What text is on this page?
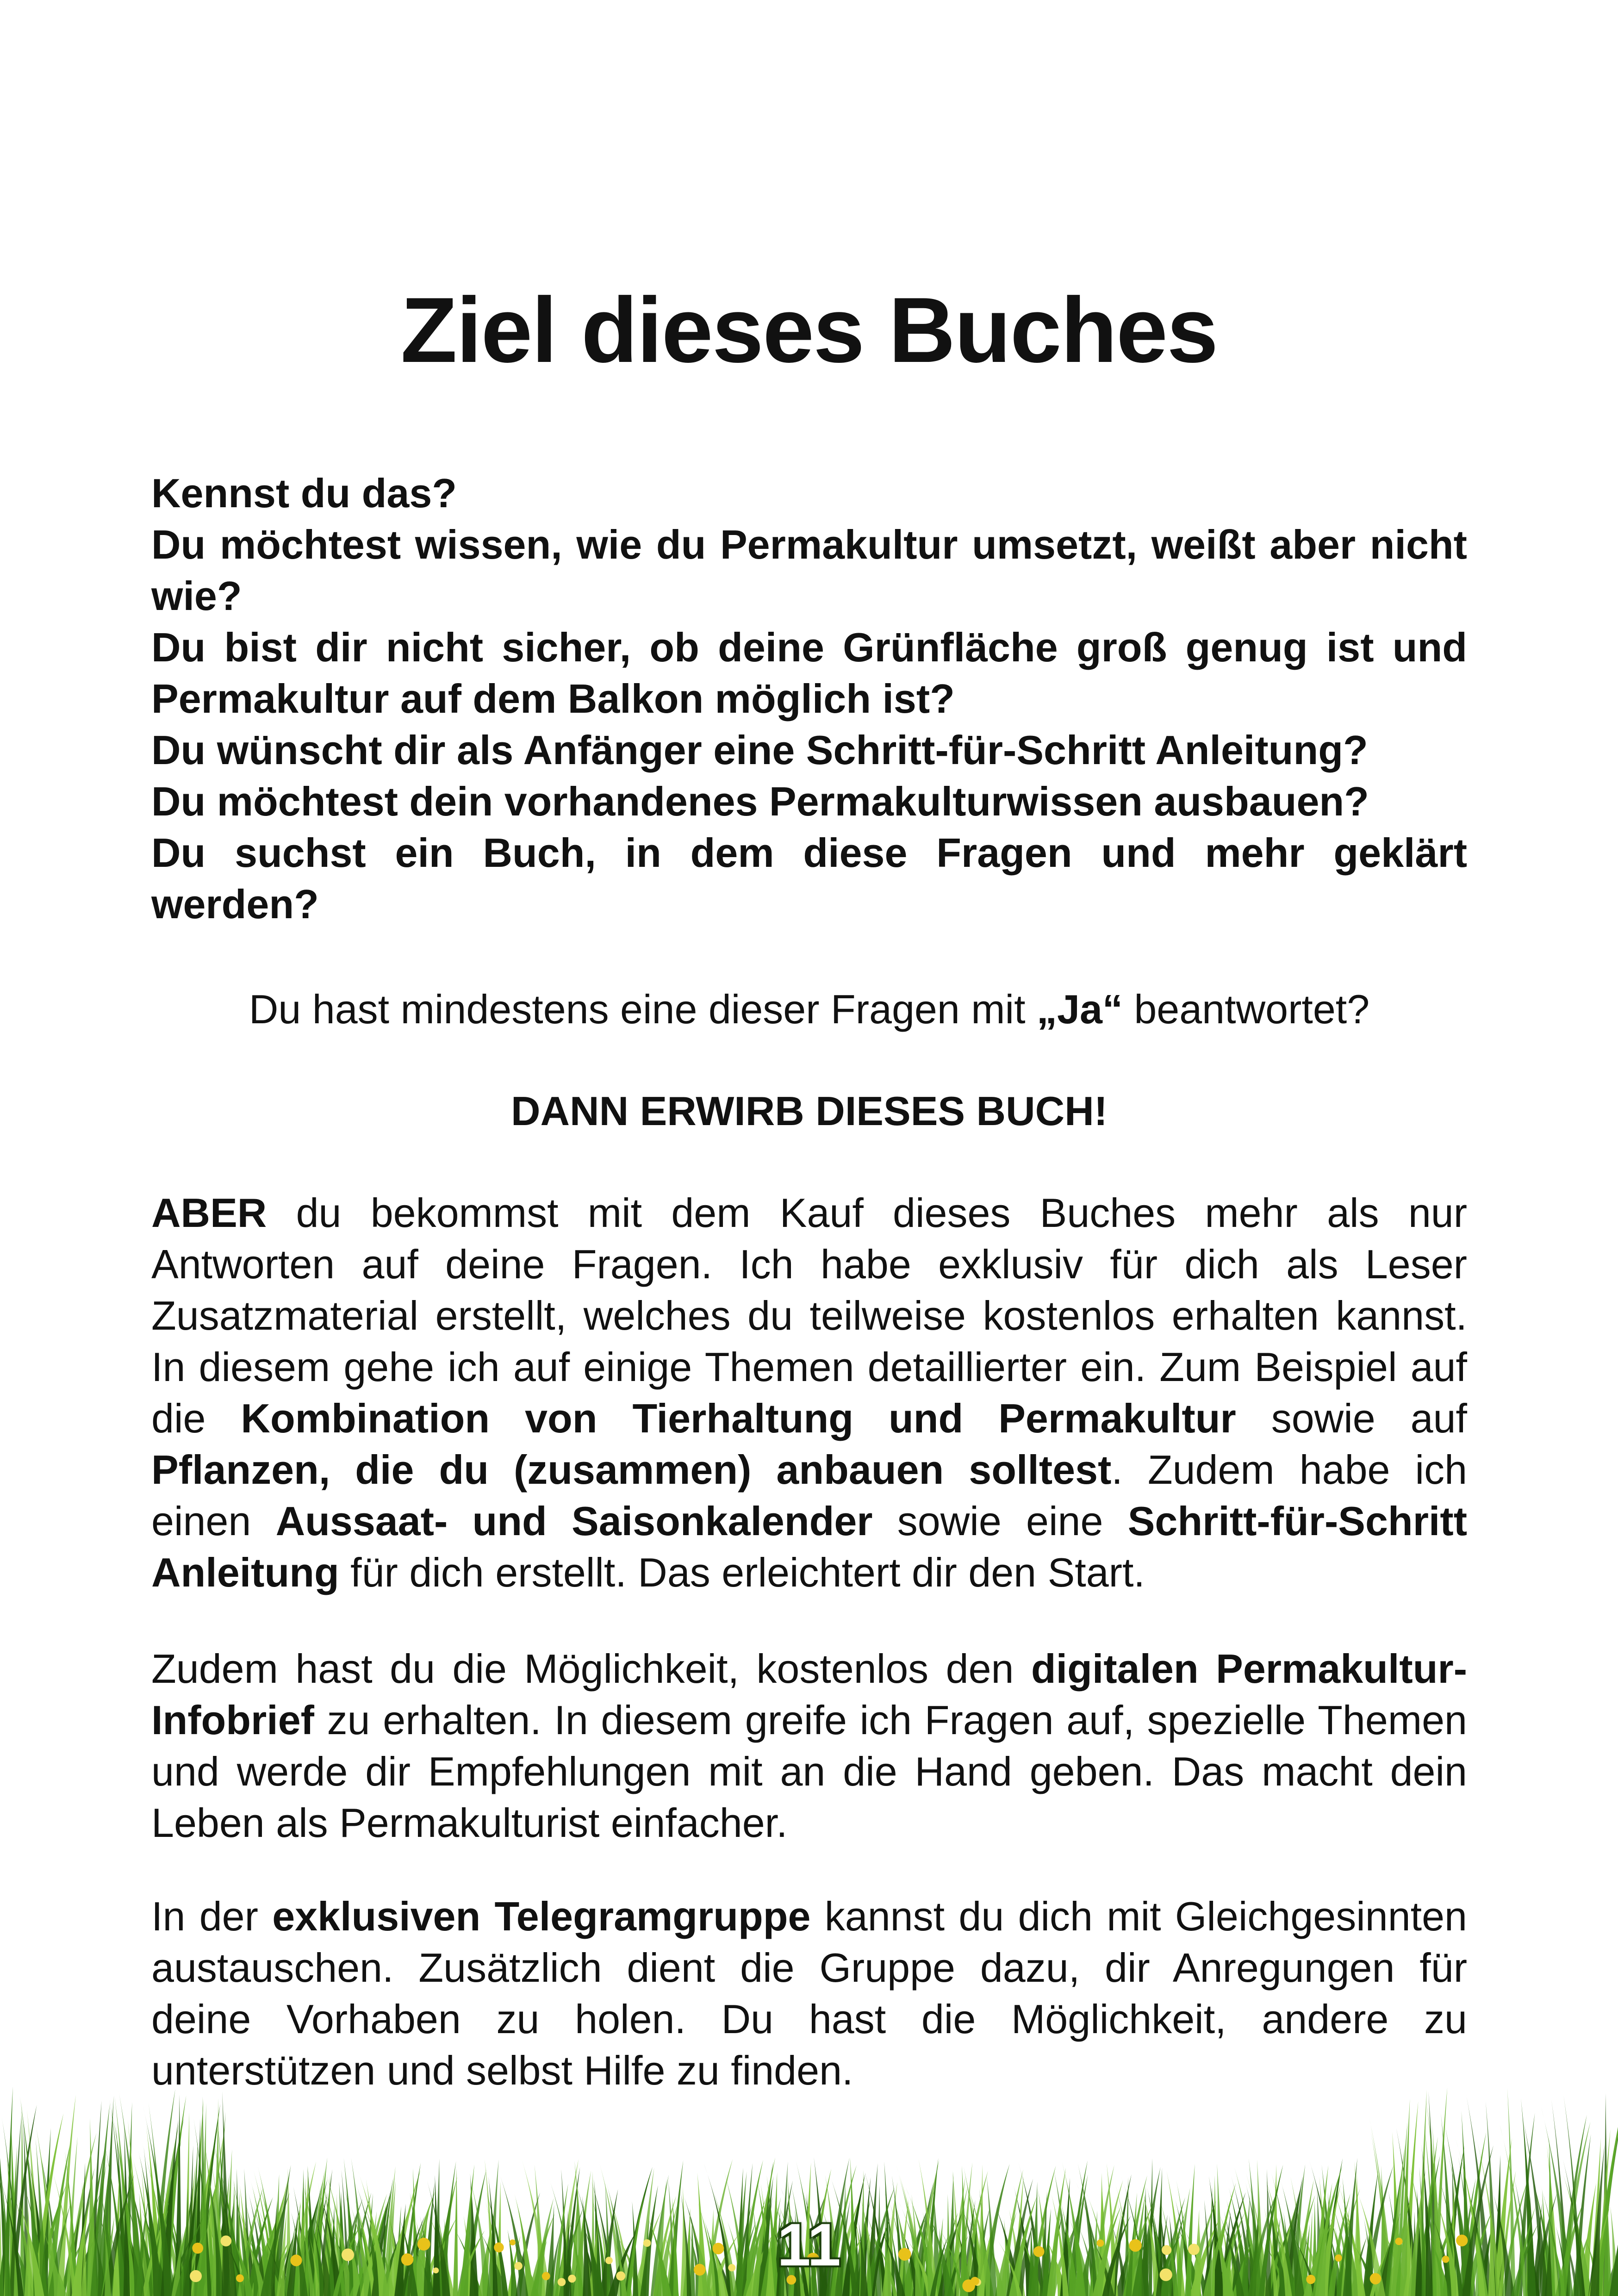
Ziel dieses Buches
Kennst du das?
Du möchtest wissen, wie du Permakultur umsetzt, weißt aber nicht wie?
Du bist dir nicht sicher, ob deine Grünfläche groß genug ist und Permakultur auf dem Balkon möglich ist?
Du wünscht dir als Anfänger eine Schritt-für-Schritt Anleitung?
Du möchtest dein vorhandenes Permakulturwissen ausbauen?
Du suchst ein Buch, in dem diese Fragen und mehr geklärt werden?
Du hast mindestens eine dieser Fragen mit „Ja“ beantwortet?
DANN ERWIRB DIESES BUCH!
ABER du bekommst mit dem Kauf dieses Buches mehr als nur Antworten auf deine Fragen. Ich habe exklusiv für dich als Leser Zusatzmaterial erstellt, welches du teilweise kostenlos erhalten kannst. In diesem gehe ich auf einige Themen detaillierter ein. Zum Beispiel auf die Kombination von Tierhaltung und Permakultur sowie auf Pflanzen, die du (zusammen) anbauen solltest. Zudem habe ich einen Aussaat- und Saisonkalender sowie eine Schritt-für-Schritt Anleitung für dich erstellt. Das erleichtert dir den Start.
Zudem hast du die Möglichkeit, kostenlos den digitalen Permakultur-Infobrief zu erhalten. In diesem greife ich Fragen auf, spezielle Themen und werde dir Empfehlungen mit an die Hand geben. Das macht dein Leben als Permakulturist einfacher.
In der exklusiven Telegramgruppe kannst du dich mit Gleichgesinnten austauschen. Zusätzlich dient die Gruppe dazu, dir Anregungen für deine Vorhaben zu holen. Du hast die Möglichkeit, andere zu unterstützen und selbst Hilfe zu finden.
11
